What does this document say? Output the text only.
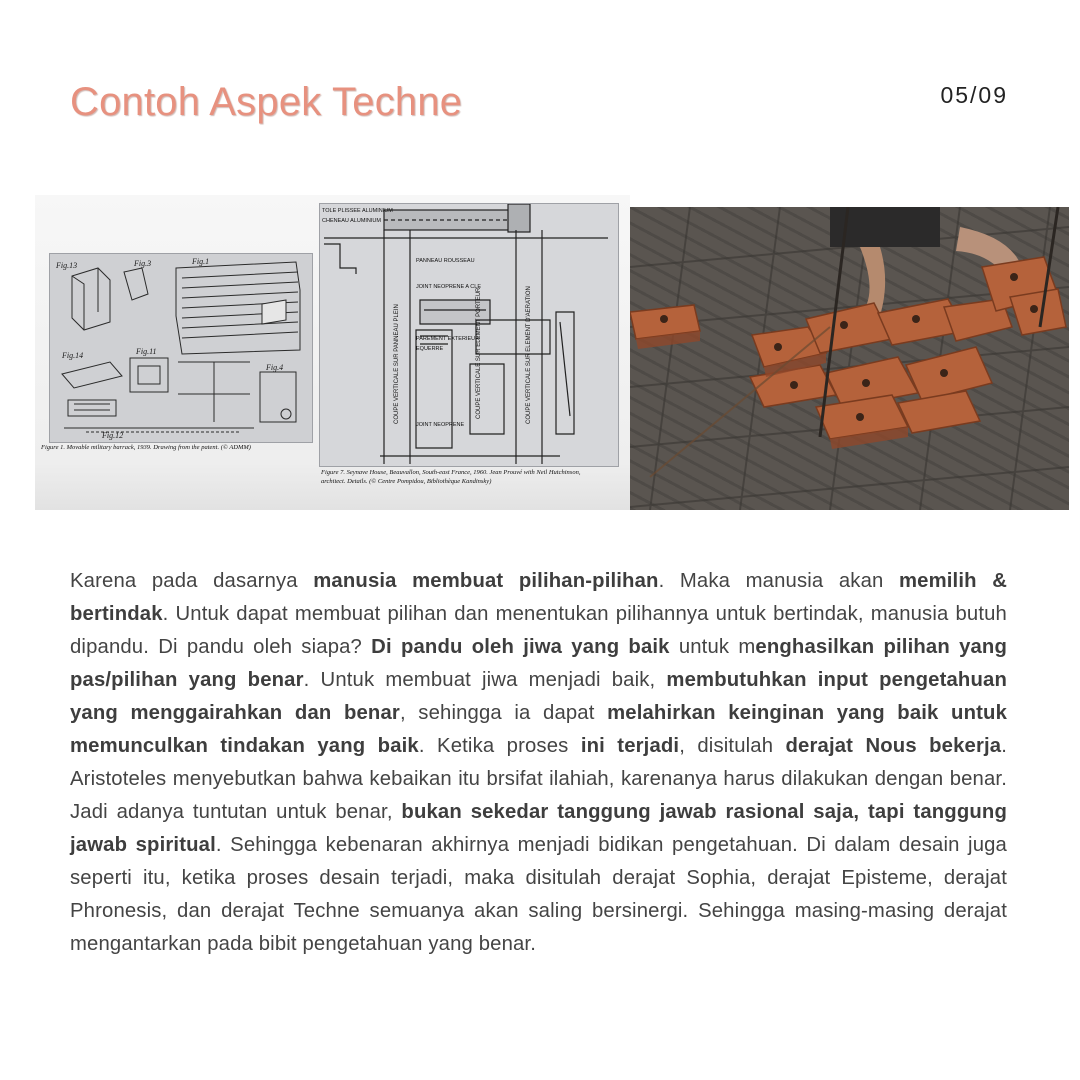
Contoh Aspek Techne	05/09
Fig.13	Fig.3	Fig.1
Fig.14	Fig.11
Fig.12
Fig.4
Figure 1. Movable military barrack, 1939. Drawing from the patent. (© ADMM)
TOLE PLISSEE ALUMINIUM
CHENEAU ALUMINIUM
PANNEAU ROUSSEAU
JOINT NEOPRENE A CLE
PAREMENT EXTERIEUR
EQUERRE
JOINT NEOPRENE
COUPE VERTICALE SUR PANNEAU PLEIN	COUPE VERTICALE SUR ELEMENT PORTEUR	COUPE VERTICALE SUR ELEMENT D'AERATION
Figure 7. Seynave House, Beauvallon, South-east France, 1960. Jean Prouvé with Neil Hutchinson,
architect. Details. (© Centre Pompidou, Bibliothèque Kandinsky)

Karena pada dasarnya manusia membuat pilihan-pilihan. Maka manusia akan memilih & bertindak. Untuk dapat membuat pilihan dan menentukan pilihannya untuk bertindak, manusia butuh dipandu. Di pandu oleh siapa? Di pandu oleh jiwa yang baik untuk menghasilkan pilihan yang pas/pilihan yang benar. Untuk membuat jiwa menjadi baik, membutuhkan input pengetahuan yang menggairahkan dan benar, sehingga ia dapat melahirkan keinginan yang baik untuk memunculkan tindakan yang baik. Ketika proses ini terjadi, disitulah derajat Nous bekerja. Aristoteles menyebutkan bahwa kebaikan itu brsifat ilahiah, karenanya harus dilakukan dengan benar. Jadi adanya tuntutan untuk benar, bukan sekedar tanggung jawab rasional saja, tapi tanggung jawab spiritual. Sehingga kebenaran akhirnya menjadi bidikan pengetahuan. Di dalam desain juga seperti itu, ketika proses desain terjadi, maka disitulah derajat Sophia, derajat Episteme, derajat Phronesis, dan derajat Techne semuanya akan saling bersinergi. Sehingga masing-masing derajat mengantarkan pada bibit pengetahuan yang benar.
